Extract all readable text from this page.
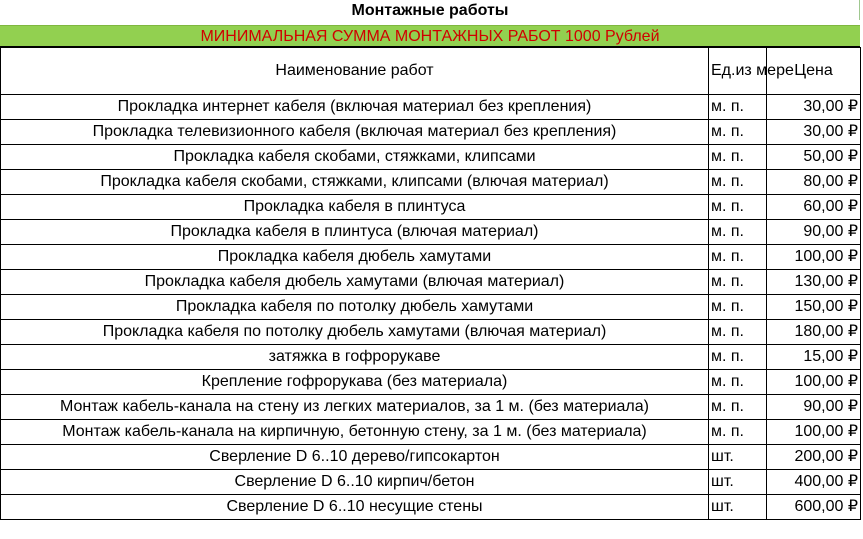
Монтажные работы
МИНИМАЛЬНАЯ СУММА МОНТАЖНЫХ РАБОТ 1000 Рублей
Наименование работ	Ед.из мере	Цена
Прокладка интернет кабеля (включая материал без крепления)	м. п.	30,00 ₽
Прокладка телевизионного кабеля (включая материал без крепления)	м. п.	30,00 ₽
Прокладка кабеля скобами, стяжками, клипсами	м. п.	50,00 ₽
Прокладка кабеля скобами, стяжками, клипсами (влючая материал)	м. п.	80,00 ₽
Прокладка кабеля в плинтуса	м. п.	60,00 ₽
Прокладка кабеля в плинтуса (влючая материал)	м. п.	90,00 ₽
Прокладка кабеля дюбель хамутами	м. п.	100,00 ₽
Прокладка кабеля дюбель хамутами (влючая материал)	м. п.	130,00 ₽
Прокладка кабеля по потолку дюбель хамутами	м. п.	150,00 ₽
Прокладка кабеля по потолку дюбель хамутами (влючая материал)	м. п.	180,00 ₽
затяжка в гофрорукаве	м. п.	15,00 ₽
Крепление гофрорукава (без материала)	м. п.	100,00 ₽
Монтаж кабель-канала на стену из легких материалов, за 1 м. (без материала)	м. п.	90,00 ₽
Монтаж кабель-канала на кирпичную, бетонную стену, за 1 м. (без материала)	м. п.	100,00 ₽
Сверление D 6..10 дерево/гипсокартон	шт.	200,00 ₽
Сверление D 6..10 кирпич/бетон	шт.	400,00 ₽
Сверление D 6..10 несущие стены	шт.	600,00 ₽
